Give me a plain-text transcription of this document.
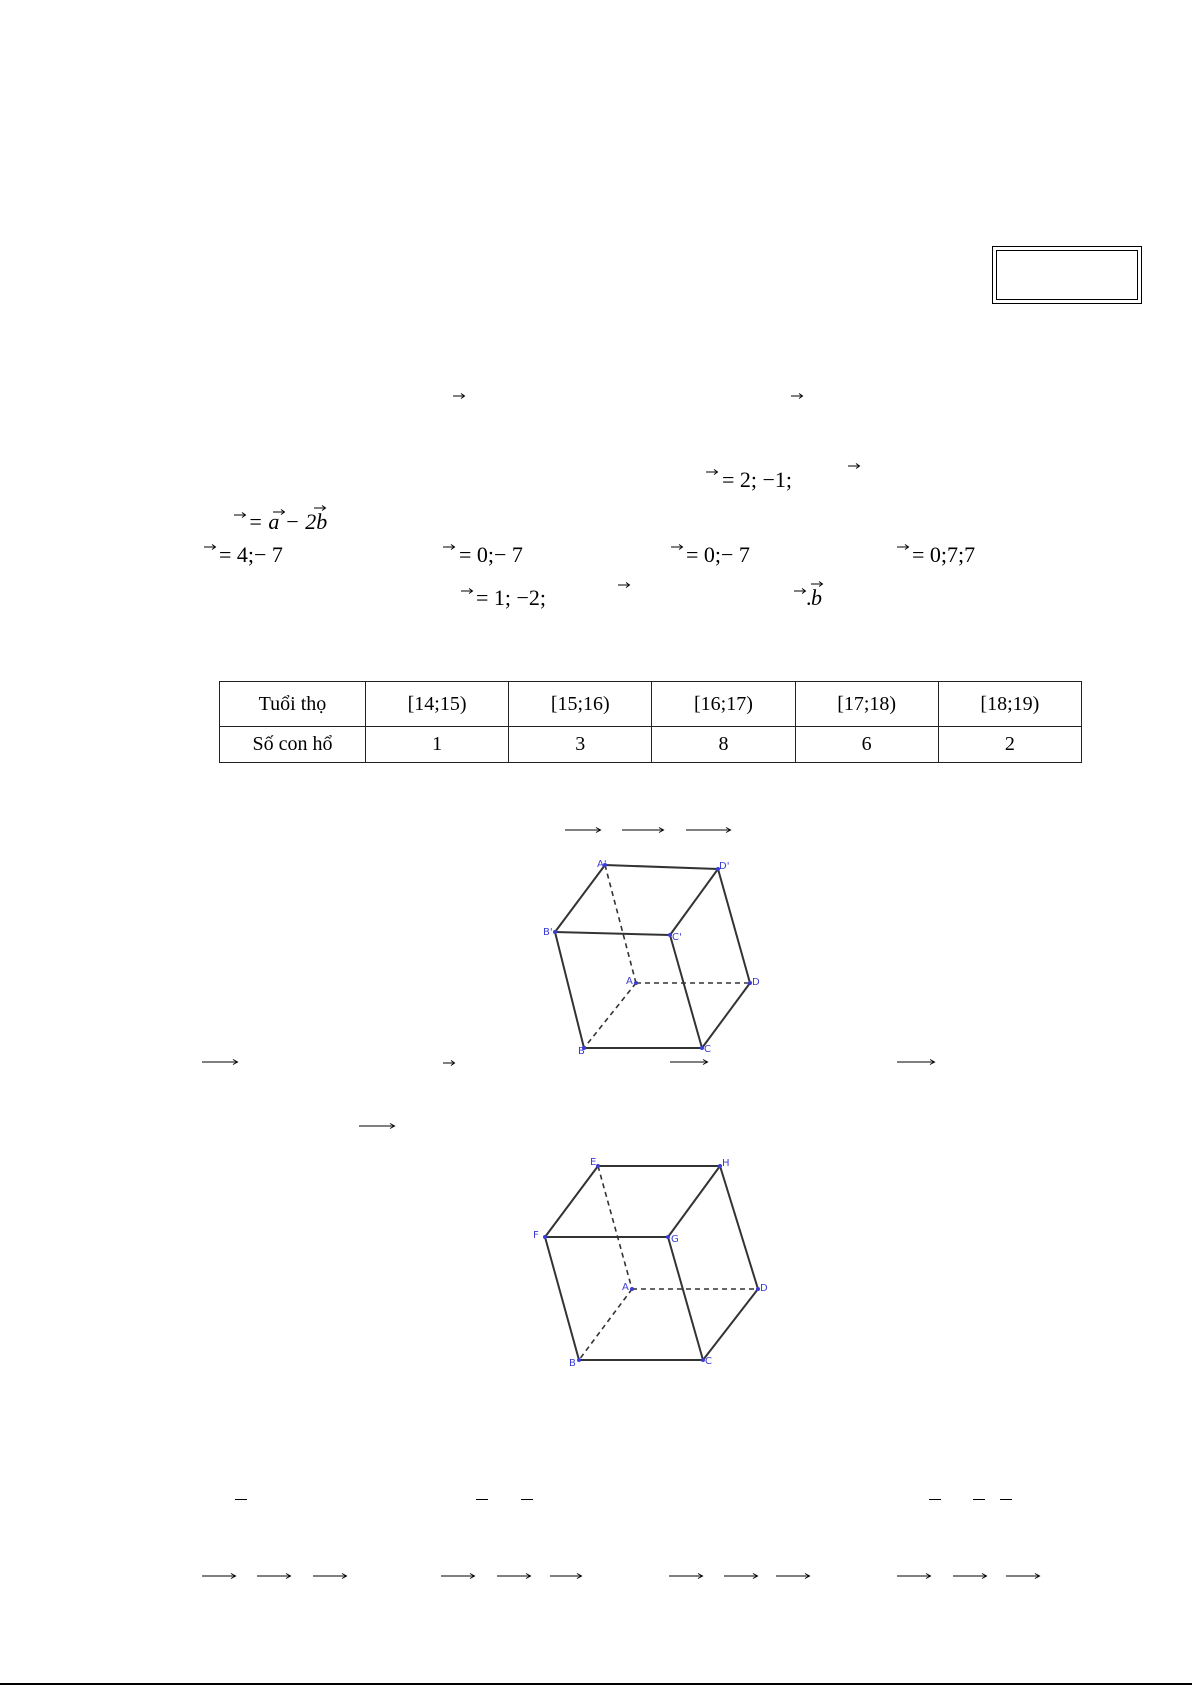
= 2; −1;
= a − 2b
= 4;− 7	= 0;− 7	= 0;− 7	= 0;7;7
= 1; −2;	. b
Tuổi thọ	[14;15)	[15;16)	[16;17)	[17;18)	[18;19)
Số con hổ	1	3	8	6	2
A'	D'
B'	C'
A	D
B	C
E	H
F	G
A	D
B	C
